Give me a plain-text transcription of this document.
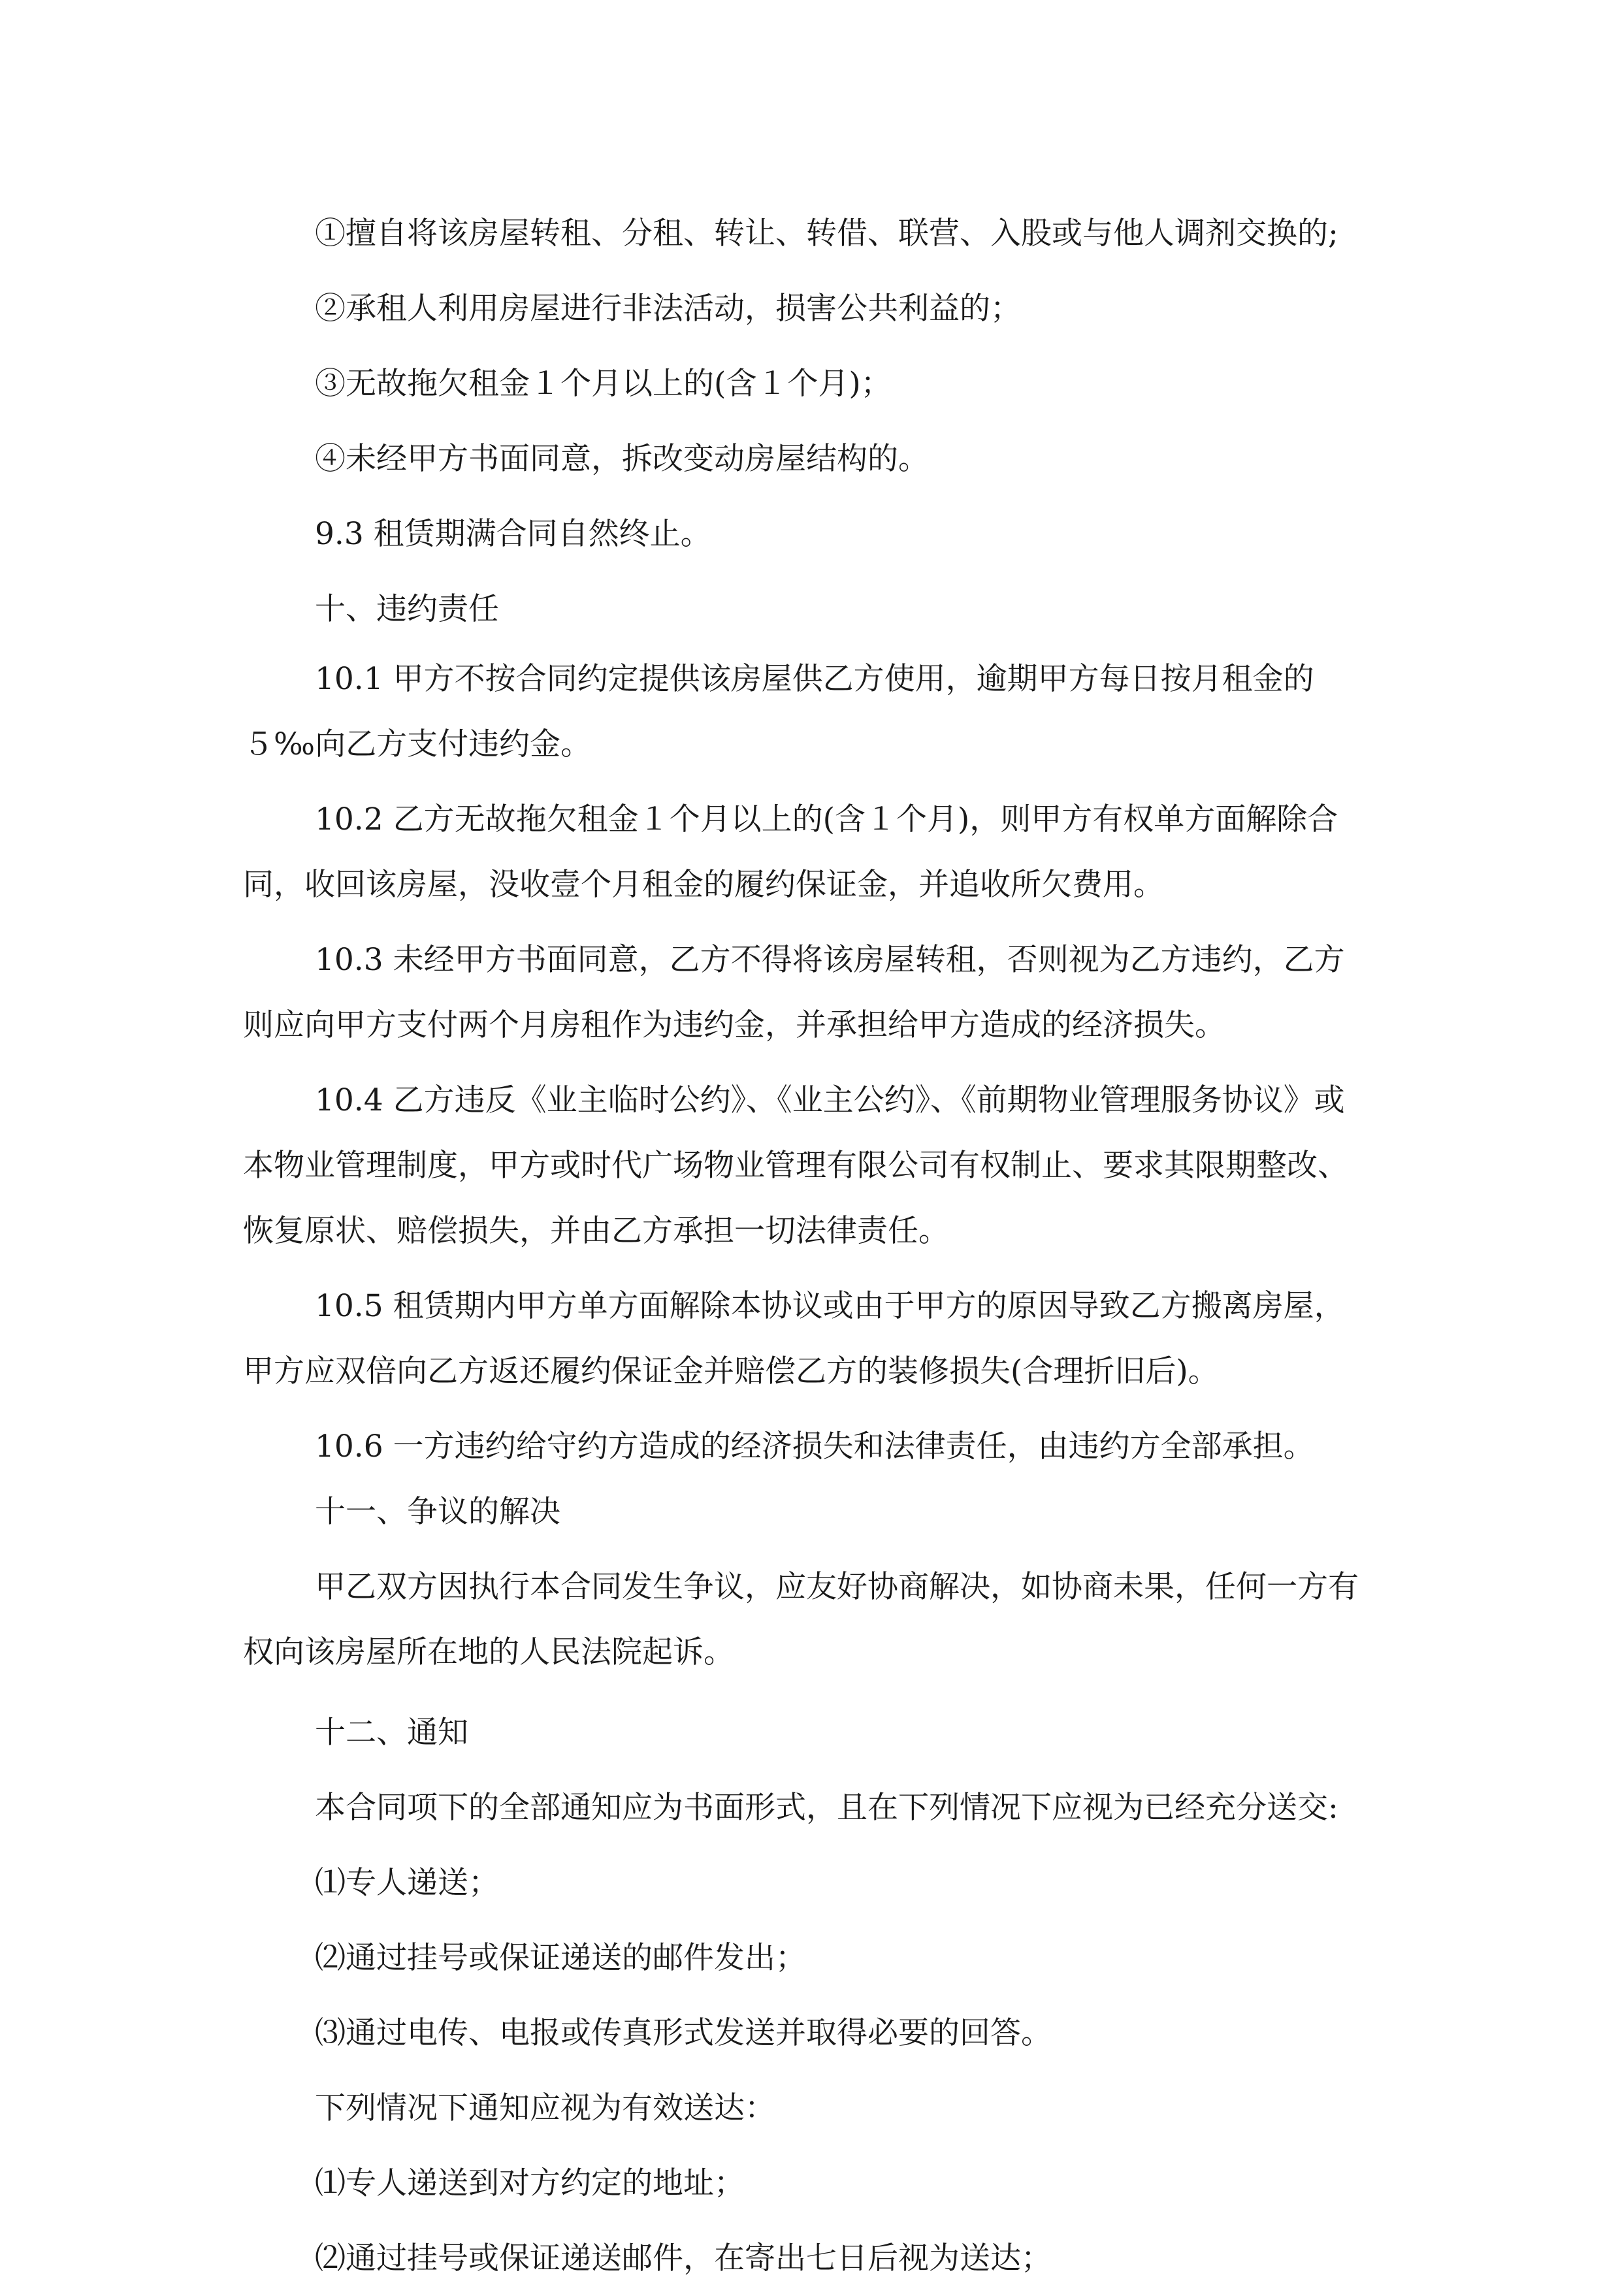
①擅自将该房屋转租、分租、转让、转借、联营、入股或与他人调剂交换的;

②承租人利用房屋进行非法活动，损害公共利益的；

③无故拖欠租金１个月以上的(含１个月)；

④未经甲方书面同意，拆改变动房屋结构的。

9.3 租赁期满合同自然终止。

十、违约责任

10.1 甲方不按合同约定提供该房屋供乙方使用，逾期甲方每日按月租金的５‰向乙方支付违约金。

10.2 乙方无故拖欠租金１个月以上的(含１个月)，则甲方有权单方面解除合同，收回该房屋，没收壹个月租金的履约保证金，并追收所欠费用。

10.3 未经甲方书面同意，乙方不得将该房屋转租，否则视为乙方违约，乙方则应向甲方支付两个月房租作为违约金，并承担给甲方造成的经济损失。

10.4 乙方违反《业主临时公约》、《业主公约》、《前期物业管理服务协议》或本物业管理制度，甲方或时代广场物业管理有限公司有权制止、要求其限期整改、恢复原状、赔偿损失，并由乙方承担一切法律责任。

10.5 租赁期内甲方单方面解除本协议或由于甲方的原因导致乙方搬离房屋，甲方应双倍向乙方返还履约保证金并赔偿乙方的装修损失(合理折旧后)。

10.6 一方违约给守约方造成的经济损失和法律责任，由违约方全部承担。

十一、争议的解决

甲乙双方因执行本合同发生争议，应友好协商解决，如协商未果，任何一方有权向该房屋所在地的人民法院起诉。

十二、通知

本合同项下的全部通知应为书面形式，且在下列情况下应视为已经充分送交:

⑴专人递送；

⑵通过挂号或保证递送的邮件发出；

⑶通过电传、电报或传真形式发送并取得必要的回答。

下列情况下通知应视为有效送达：

⑴专人递送到对方约定的地址；

⑵通过挂号或保证递送邮件，在寄出七日后视为送达；
